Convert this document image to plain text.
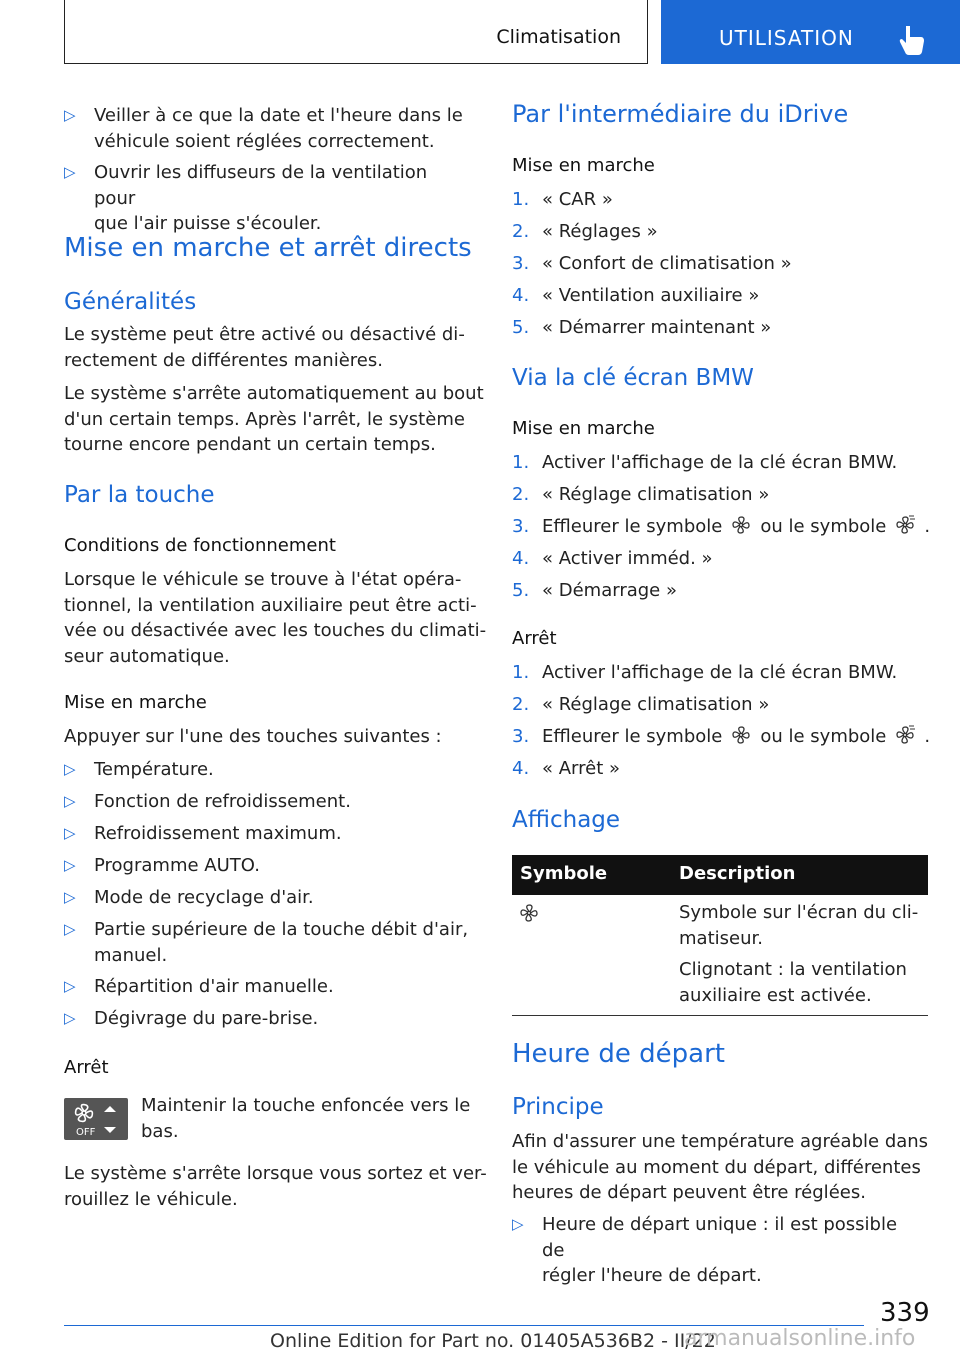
Climatisation	UTILISATION
▷ Veiller à ce que la date et l'heure dans le
véhicule soient réglées correctement.
▷ Ouvrir les diffuseurs de la ventilation pour
que l'air puisse s'écouler.
Mise en marche et arrêt directs
Généralités
Le système peut être activé ou désactivé di-
rectement de différentes manières.
Le système s'arrête automatiquement au bout
d'un certain temps. Après l'arrêt, le système
tourne encore pendant un certain temps.
Par la touche
Conditions de fonctionnement
Lorsque le véhicule se trouve à l'état opéra-
tionnel, la ventilation auxiliaire peut être acti-
vée ou désactivée avec les touches du climati-
seur automatique.
Mise en marche
Appuyer sur l'une des touches suivantes :
▷ Température.
▷ Fonction de refroidissement.
▷ Refroidissement maximum.
▷ Programme AUTO.
▷ Mode de recyclage d'air.
▷ Partie supérieure de la touche débit d'air,
manuel.
▷ Répartition d'air manuelle.
▷ Dégivrage du pare-brise.
Arrêt
OFF
Maintenir la touche enfoncée vers le
bas.
Le système s'arrête lorsque vous sortez et ver-
rouillez le véhicule.
Par l'intermédiaire du iDrive
Mise en marche
1. « CAR »
2. « Réglages »
3. « Confort de climatisation »
4. « Ventilation auxiliaire »
5. « Démarrer maintenant »
Via la clé écran BMW
Mise en marche
1. Activer l'affichage de la clé écran BMW.
2. « Réglage climatisation »
3. Effleurer le symbole ou le symbole .
4. « Activer imméd. »
5. « Démarrage »
Arrêt
1. Activer l'affichage de la clé écran BMW.
2. « Réglage climatisation »
3. Effleurer le symbole ou le symbole .
4. « Arrêt »
Affichage
Symbole	Description
Symbole sur l'écran du cli-
matiseur.
Clignotant : la ventilation
auxiliaire est activée.
Heure de départ
Principe
Afin d'assurer une température agréable dans
le véhicule au moment du départ, différentes
heures de départ peuvent être réglées.
▷ Heure de départ unique : il est possible de
régler l'heure de départ.
339
Online Edition for Part no. 01405A536B2 - II/22
armanualsonline.info
